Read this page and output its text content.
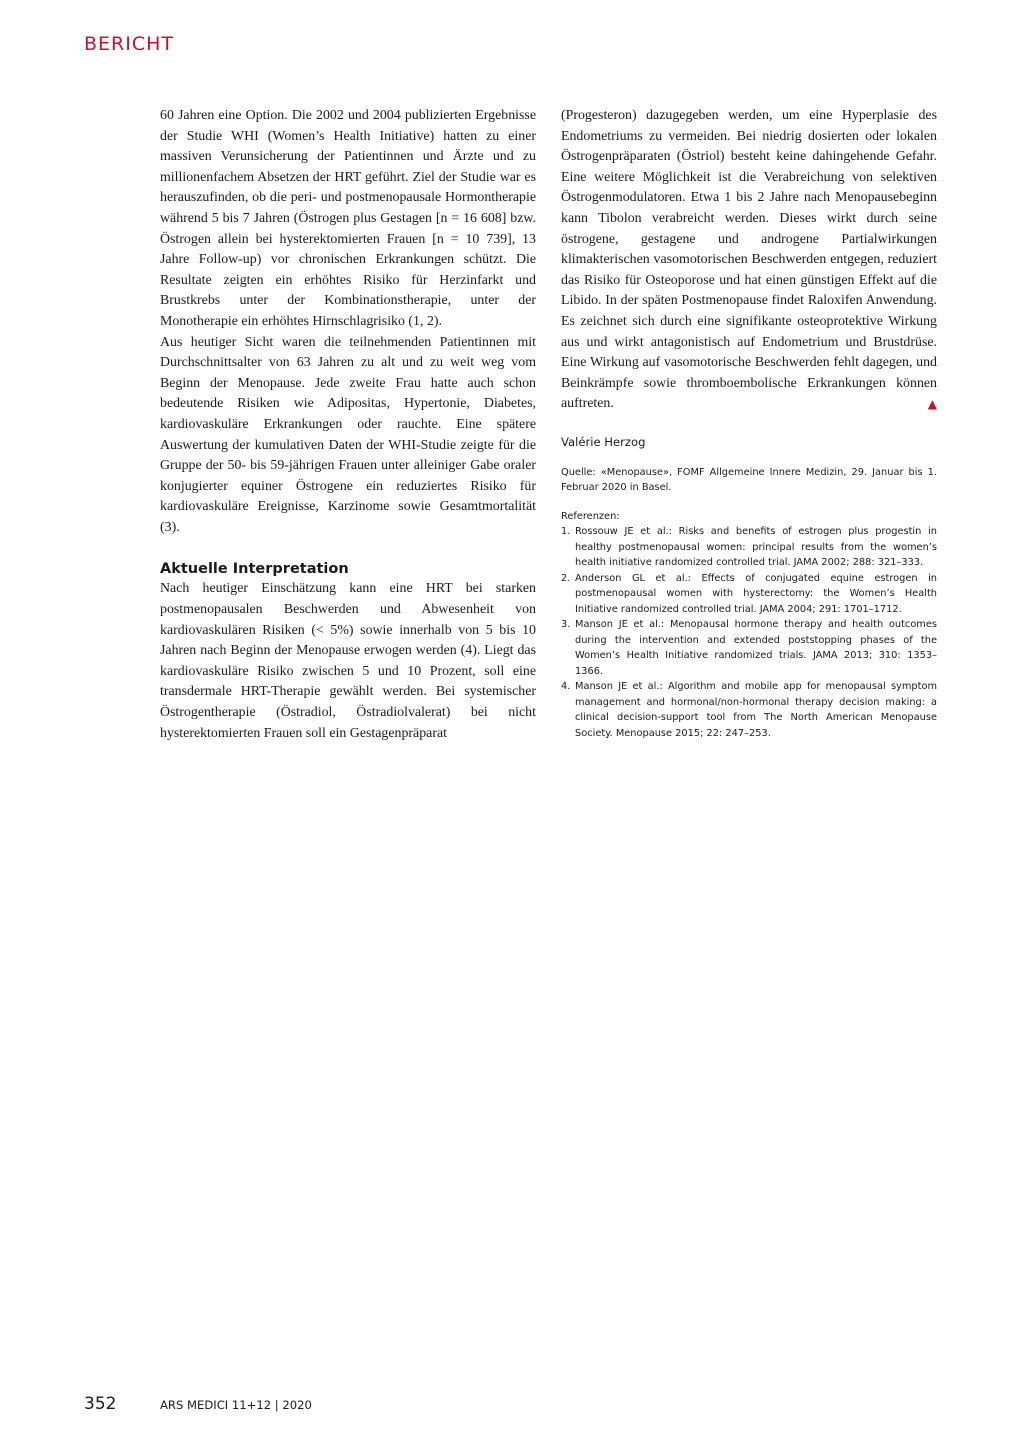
BERICHT

60 Jahren eine Option. Die 2002 und 2004 publizierten Ergebnisse der Studie WHI (Women’s Health Initiative) hatten zu einer massiven Verunsicherung der Patientinnen und Ärzte und zu millionenfachem Absetzen der HRT geführt. Ziel der Studie war es herauszufinden, ob die peri- und postmenopausale Hormontherapie während 5 bis 7 Jahren (Östrogen plus Gestagen [n = 16 608] bzw. Östrogen allein bei hysterektomierten Frauen [n = 10 739], 13 Jahre Follow-up) vor chronischen Erkrankungen schützt. Die Resultate zeigten ein erhöhtes Risiko für Herzinfarkt und Brustkrebs unter der Kombinationstherapie, unter der Monotherapie ein erhöhtes Hirnschlagrisiko (1, 2).

Aus heutiger Sicht waren die teilnehmenden Patientinnen mit Durchschnittsalter von 63 Jahren zu alt und zu weit weg vom Beginn der Menopause. Jede zweite Frau hatte auch schon bedeutende Risiken wie Adipositas, Hypertonie, Diabetes, kardiovaskuläre Erkrankungen oder rauchte. Eine spätere Auswertung der kumulativen Daten der WHI-Studie zeigte für die Gruppe der 50- bis 59-jährigen Frauen unter alleiniger Gabe oraler konjugierter equiner Östrogene ein reduziertes Risiko für kardiovaskuläre Ereignisse, Karzinome sowie Gesamtmortalität (3).

Aktuelle Interpretation

Nach heutiger Einschätzung kann eine HRT bei starken postmenopausalen Beschwerden und Abwesenheit von kardiovaskulären Risiken (< 5%) sowie innerhalb von 5 bis 10 Jahren nach Beginn der Menopause erwogen werden (4). Liegt das kardiovaskuläre Risiko zwischen 5 und 10 Prozent, soll eine transdermale HRT-Therapie gewählt werden. Bei systemischer Östrogentherapie (Östradiol, Östradiolvalerat) bei nicht hysterektomierten Frauen soll ein Gestagenpräparat

(Progesteron) dazugegeben werden, um eine Hyperplasie des Endometriums zu vermeiden. Bei niedrig dosierten oder lokalen Östrogenpräparaten (Östriol) besteht keine dahingehende Gefahr. Eine weitere Möglichkeit ist die Verabreichung von selektiven Östrogenmodulatoren. Etwa 1 bis 2 Jahre nach Menopausebeginn kann Tibolon verabreicht werden. Dieses wirkt durch seine östrogene, gestagene und androgene Partialwirkungen klimakterischen vasomotorischen Beschwerden entgegen, reduziert das Risiko für Osteoporose und hat einen günstigen Effekt auf die Libido. In der späten Postmenopause findet Raloxifen Anwendung. Es zeichnet sich durch eine signifikante osteoprotektive Wirkung aus und wirkt antagonistisch auf Endometrium und Brustdrüse. Eine Wirkung auf vasomotorische Beschwerden fehlt dagegen, und Beinkrämpfe sowie thromboembolische Erkrankungen können auftreten.	▲

Valérie Herzog

Quelle: «Menopause», FOMF Allgemeine Innere Medizin, 29. Januar bis 1. Februar 2020 in Basel.

Referenzen:

1. Rossouw JE et al.: Risks and benefits of estrogen plus progestin in healthy postmenopausal women: principal results from the women’s health initiative randomized controlled trial. JAMA 2002; 288: 321–333.
2. Anderson GL et al.: Effects of conjugated equine estrogen in postmenopausal women with hysterectomy: the Women’s Health Initiative randomized controlled trial. JAMA 2004; 291: 1701–1712.
3. Manson JE et al.: Menopausal hormone therapy and health outcomes during the intervention and extended poststopping phases of the Women’s Health Initiative randomized trials. JAMA 2013; 310: 1353–1366.
4. Manson JE et al.: Algorithm and mobile app for menopausal symptom management and hormonal/non-hormonal therapy decision making: a clinical decision-support tool from The North American Menopause Society. Menopause 2015; 22: 247–253.
352	ARS MEDICI 11+12 | 2020
